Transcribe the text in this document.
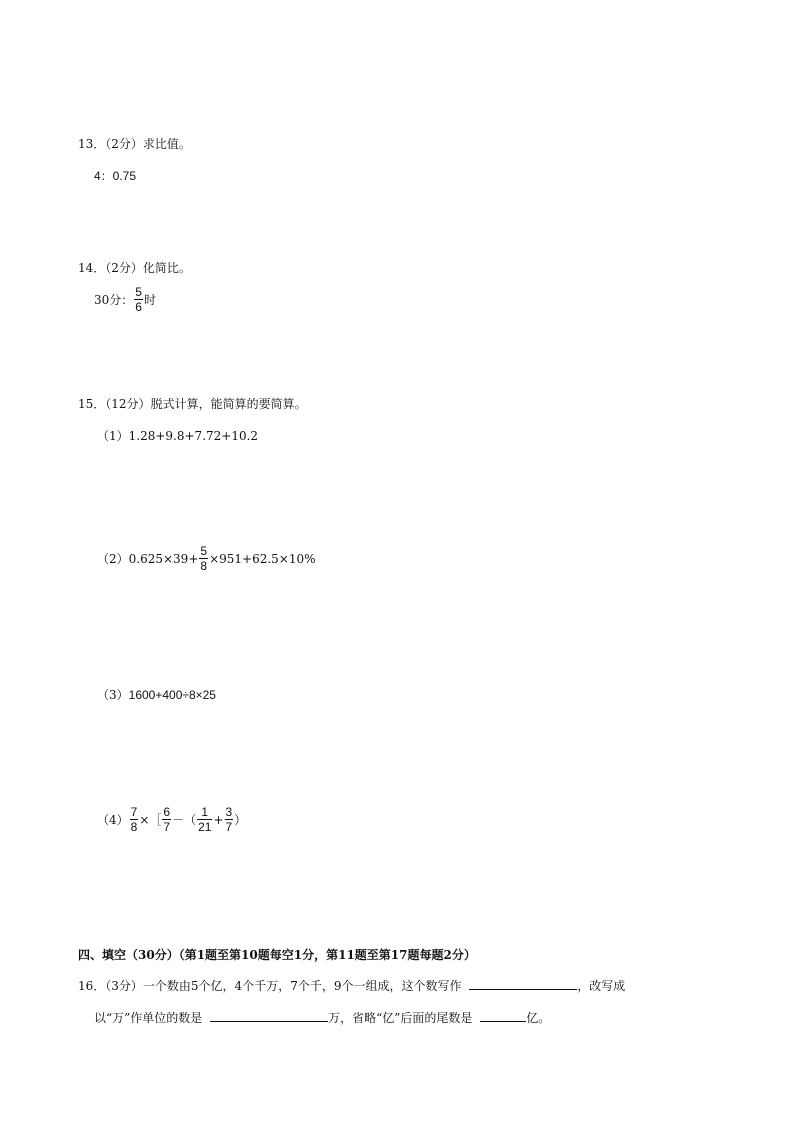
13．（2分）求比值。
4：0.75
14．（2分）化简比。
30分： $\frac{5}{6}$ 时
15．（12分）脱式计算，能简算的要简算。
（1）1.28+9.8+7.72+10.2
（2） $0.625\times 39+ \frac{5}{8} \times 951+62.5\times 10\%$
（3）1600+400÷8×25
$(4) \frac{7}{8}$ ×［ $\frac{6}{7}$ －（ $\frac{1}{21} + \frac{3}{7}$ ）
四、填空（30分）（第1题至第10题每空1分，第11题至第17题每题2分）
16．（3分）一个数由5个亿，4个千万，7个千，9个一组成，这个数写作	，改写成
以“万”作单位的数是	万，省略“亿”后面的尾数是	亿。
